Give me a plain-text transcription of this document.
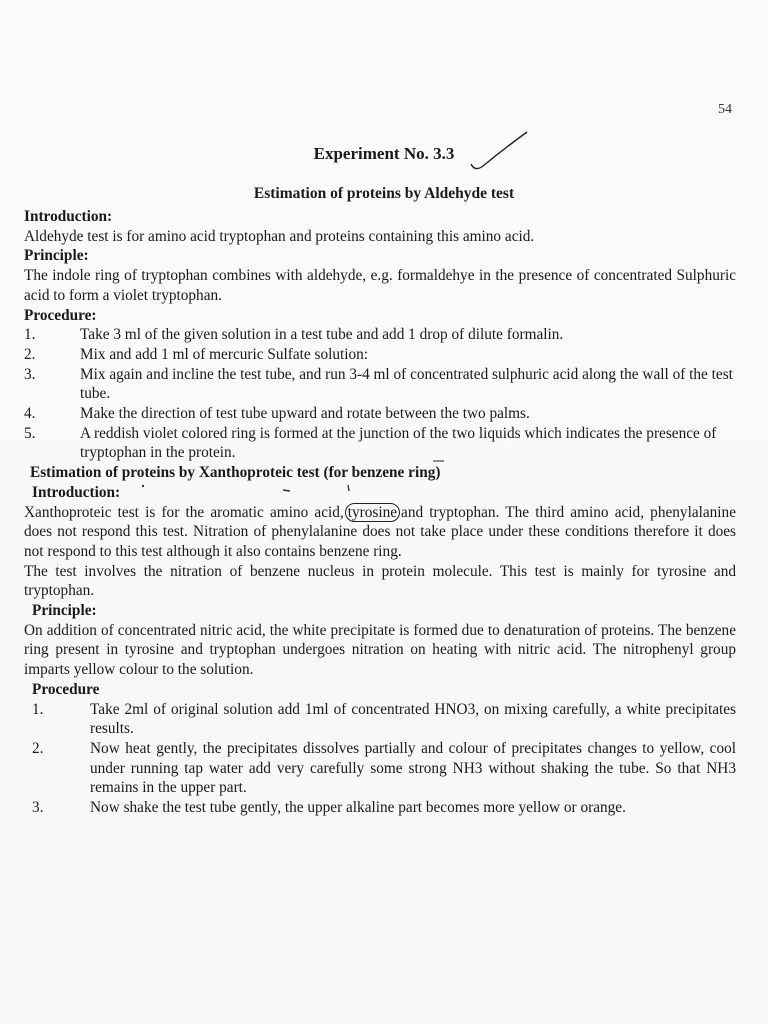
54
Experiment No. 3.3
Estimation of proteins by Aldehyde test
Introduction:
Aldehyde test is for amino acid tryptophan and proteins containing this amino acid.
Principle:
The indole ring of tryptophan combines with aldehyde, e.g. formaldehye in the presence of concentrated Sulphuric acid to form a violet tryptophan.
Procedure:
1.	Take 3 ml of the given solution in a test tube and add 1 drop of dilute formalin.
2.	Mix and add 1 ml of mercuric Sulfate solution:
3.	Mix again and incline the test tube, and run 3-4 ml of concentrated sulphuric acid along the wall of the test tube.
4.	Make the direction of test tube upward and rotate between the two palms.
5.	A reddish violet colored ring is formed at the junction of the two liquids which indicates the presence of tryptophan in the protein.
Estimation of proteins by Xanthoproteic test (for benzene ring)
Introduction:
Xanthoproteic test is for the aromatic amino acid, tyrosine and tryptophan. The third amino acid, phenylalanine does not respond this test. Nitration of phenylalanine does not take place under these conditions therefore it does not respond to this test although it also contains benzene ring.
The test involves the nitration of benzene nucleus in protein molecule. This test is mainly for tyrosine and tryptophan.
Principle:
On addition of concentrated nitric acid, the white precipitate is formed due to denaturation of proteins. The benzene ring present in tyrosine and tryptophan undergoes nitration on heating with nitric acid. The nitrophenyl group imparts yellow colour to the solution.
Procedure
1.	Take 2ml of original solution add 1ml of concentrated HNO3, on mixing carefully, a white precipitates results.
2.	Now heat gently, the precipitates dissolves partially and colour of precipitates changes to yellow, cool under running tap water add very carefully some strong NH3 without shaking the tube. So that NH3 remains in the upper part.
3.	Now shake the test tube gently, the upper alkaline part becomes more yellow or orange.
